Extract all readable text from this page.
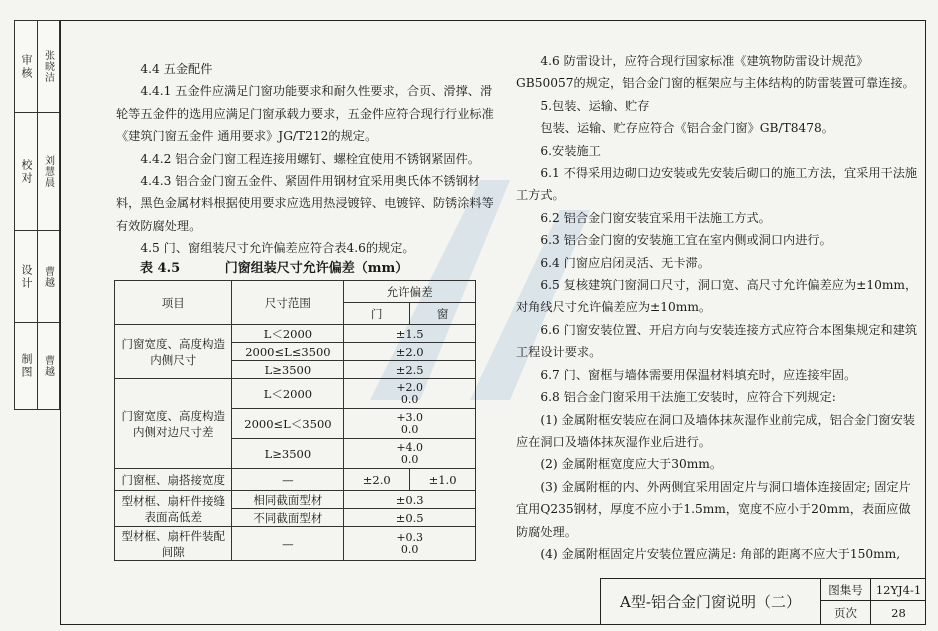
审核 张晓洁
校对 刘慧晨
设计 曹越
制图 曹越

4.4 五金配件

4.4.1 五金件应满足门窗功能要求和耐久性要求，合页、滑撑、滑轮等五金件的选用应满足门窗承载力要求，五金件应符合现行行业标准《建筑门窗五金件 通用要求》JG/T212的规定。

4.4.2 铝合金门窗工程连接用螺钉、螺栓宜使用不锈钢紧固件。

4.4.3 铝合金门窗五金件、紧固件用钢材宜采用奥氏体不锈钢材料，黑色金属材料根据使用要求应选用热浸镀锌、电镀锌、防锈涂料等有效防腐处理。

4.5 门、窗组装尺寸允许偏差应符合表4.6的规定。

表 4.5	门窗组装尺寸允许偏差（mm）
项目	尺寸范围	允许偏差	
		门	窗
门窗宽度、高度构造内侧尺寸	L＜2000	±1.5	
	2000≤L≤3500	±2.0	
	L≥3500	±2.5	
门窗宽度、高度构造内侧对边尺寸差	L＜2000	+2.0
0.0	

	2000≤L＜3500	+3.0
0.0	

	L≥3500	+4.0
0.0	

门窗框、扇搭接宽度	—	±2.0	±1.0
型材框、扇杆件接缝表面高低差	相同截面型材	±0.3	
	不同截面型材	±0.5	
型材框、扇杆件装配间隙	—	+0.3
0.0	

4.6 防雷设计，应符合现行国家标准《建筑物防雷设计规范》GB50057的规定，铝合金门窗的框架应与主体结构的防雷装置可靠连接。

5.包装、运输、贮存

包装、运输、贮存应符合《铝合金门窗》GB/T8478。

6.安装施工

6.1 不得采用边砌口边安装或先安装后砌口的施工方法，宜采用干法施工方式。

6.2 铝合金门窗安装宜采用干法施工方式。

6.3 铝合金门窗的安装施工宜在室内侧或洞口内进行。

6.4 门窗应启闭灵活、无卡滞。

6.5 复核建筑门窗洞口尺寸，洞口宽、高尺寸允许偏差应为±10mm，对角线尺寸允许偏差应为±10mm。

6.6 门窗安装位置、开启方向与安装连接方式应符合本图集规定和建筑工程设计要求。

6.7 门、窗框与墙体需要用保温材料填充时，应连接牢固。

6.8 铝合金门窗采用干法施工安装时，应符合下列规定:

(1) 金属附框安装应在洞口及墙体抹灰湿作业前完成，铝合金门窗安装应在洞口及墙体抹灰湿作业后进行。

(2) 金属附框宽度应大于30mm。

(3) 金属附框的内、外两侧宜采用固定片与洞口墙体连接固定; 固定片宜用Q235钢材，厚度不应小于1.5mm，宽度不应小于20mm，表面应做防腐处理。

(4) 金属附框固定片安装位置应满足: 角部的距离不应大于150mm,

A型-铝合金门窗说明（二）
图集号	12YJ4-1
页次	28
